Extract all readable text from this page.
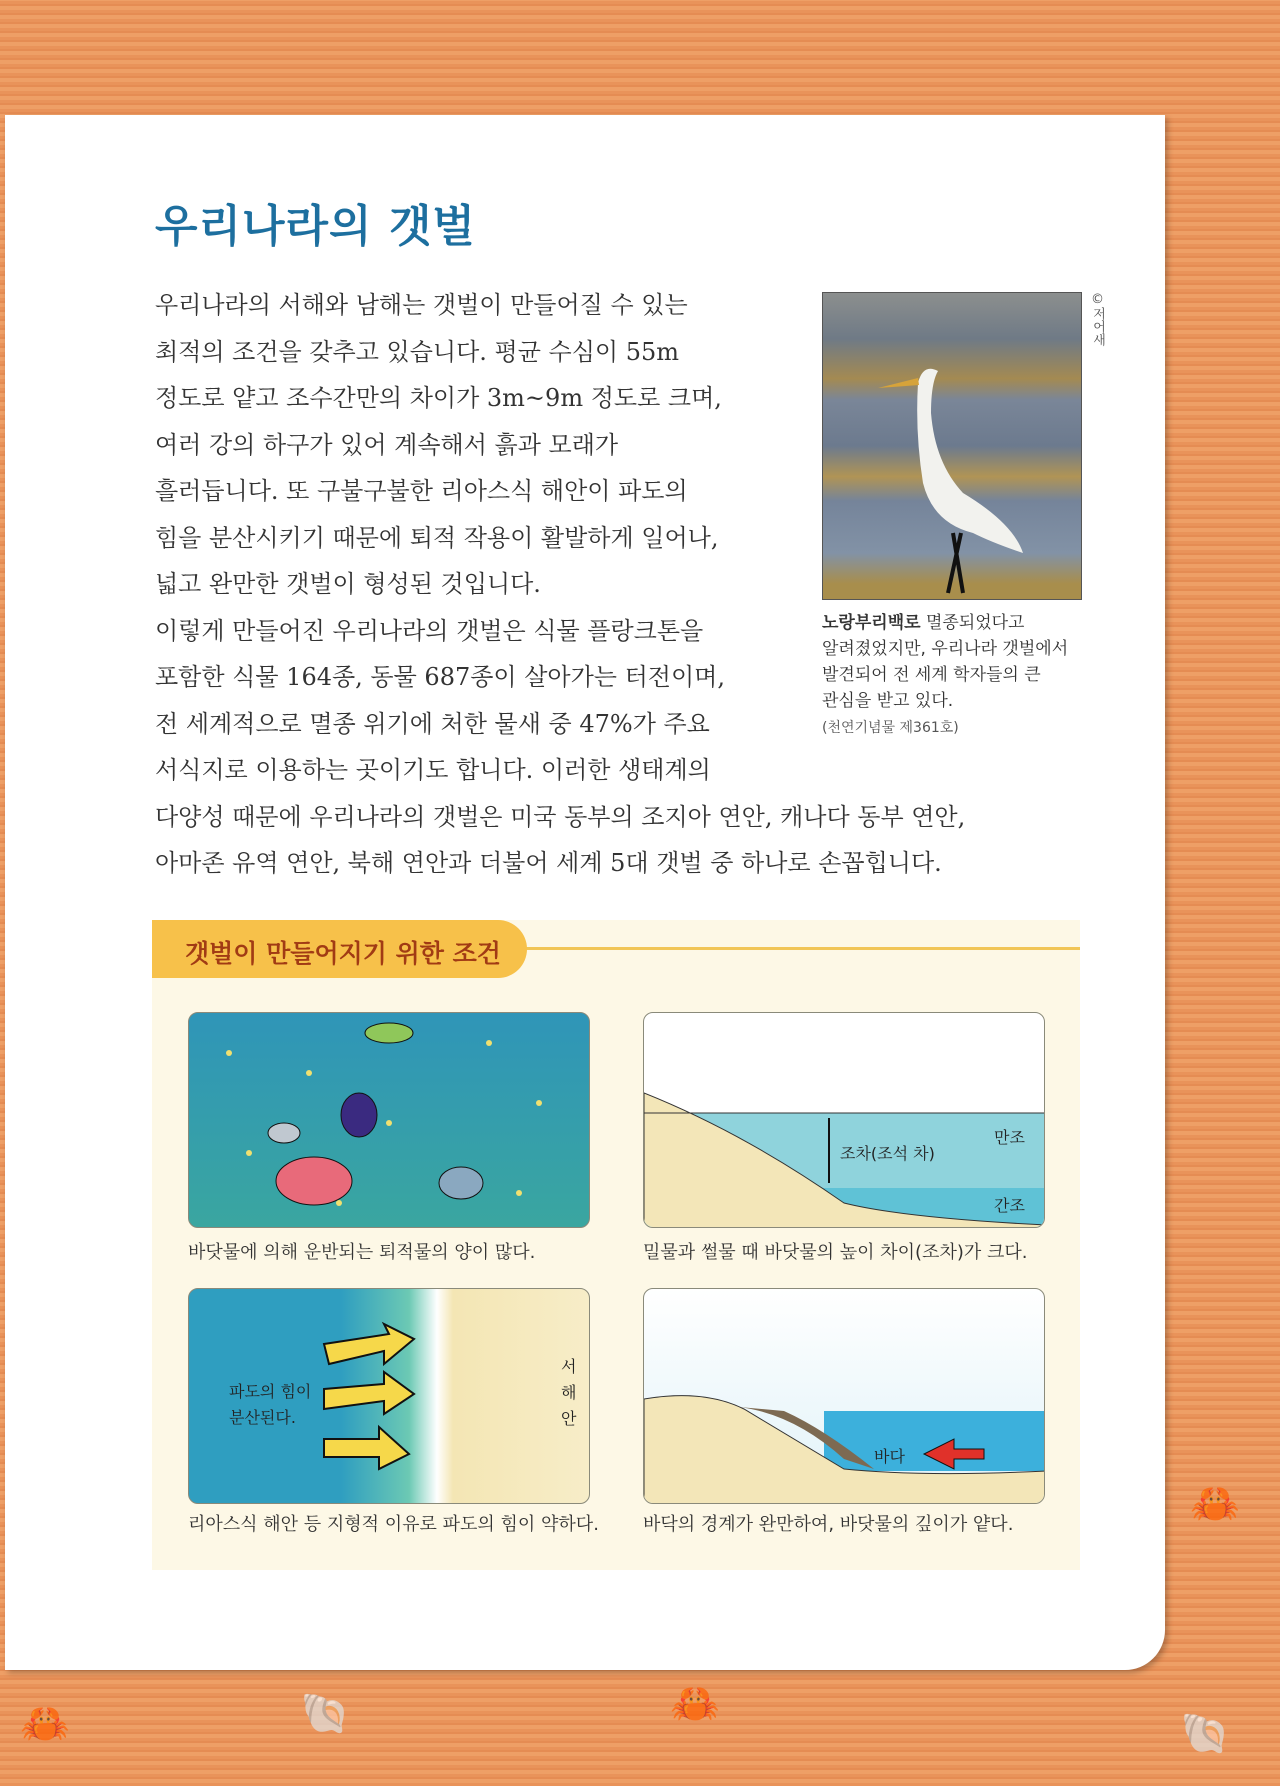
우리나라의 갯벌
우리나라의 서해와 남해는 갯벌이 만들어질 수 있는
최적의 조건을 갖추고 있습니다. 평균 수심이 55m
정도로 얕고 조수간만의 차이가 3m~9m 정도로 크며,
여러 강의 하구가 있어 계속해서 흙과 모래가
흘러듭니다. 또 구불구불한 리아스식 해안이 파도의
힘을 분산시키기 때문에 퇴적 작용이 활발하게 일어나,
넓고 완만한 갯벌이 형성된 것입니다.
이렇게 만들어진 우리나라의 갯벌은 식물 플랑크톤을
포함한 식물 164종, 동물 687종이 살아가는 터전이며,
전 세계적으로 멸종 위기에 처한 물새 중 47%가 주요
서식지로 이용하는 곳이기도 합니다. 이러한 생태계의
다양성 때문에 우리나라의 갯벌은 미국 동부의 조지아 연안, 캐나다 동부 연안,
아마존 유역 연안, 북해 연안과 더불어 세계 5대 갯벌 중 하나로 손꼽힙니다.
©저어새
노랑부리백로 멸종되었다고
알려졌었지만, 우리나라 갯벌에서
발견되어 전 세계 학자들의 큰
관심을 받고 있다.
(천연기념물 제361호)
갯벌이 만들어지기 위한 조건
바닷물에 의해 운반되는 퇴적물의 양이 많다.
조차(조석 차)
만조
간조
밀물과 썰물 때 바닷물의 높이 차이(조차)가 크다.
파도의 힘이
분산된다.
서
해
안
리아스식 해안 등 지형적 이유로 파도의 힘이 약하다.
바다
바닥의 경계가 완만하여, 바닷물의 깊이가 얕다.
🦀	🦀
🦀
🐚	🐚
